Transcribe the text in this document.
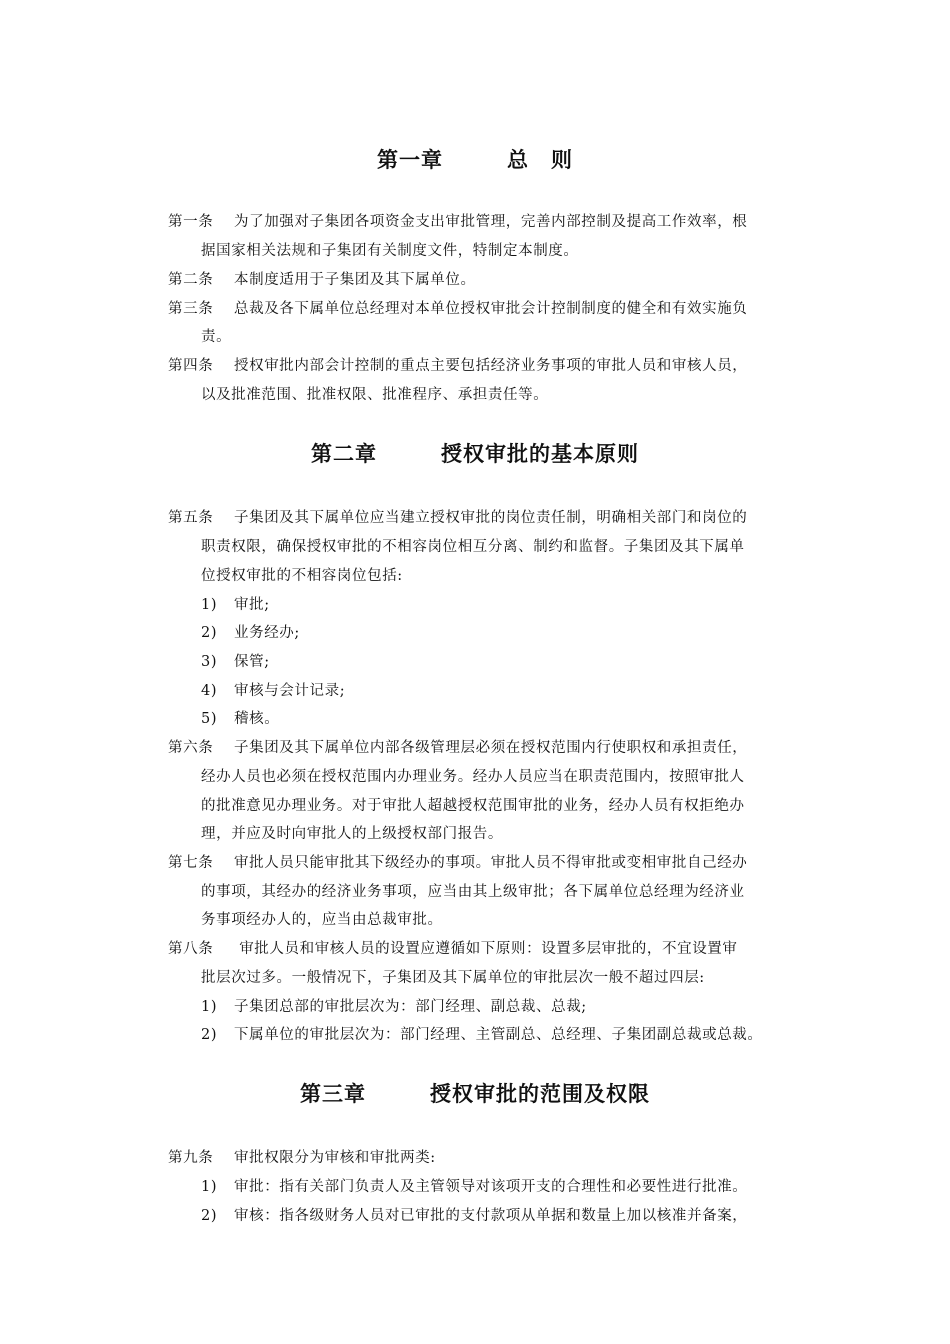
第一章	总　则
第一条 为了加强对子集团各项资金支出审批管理，完善内部控制及提高工作效率，根
据国家相关法规和子集团有关制度文件，特制定本制度。
第二条 本制度适用于子集团及其下属单位。
第三条 总裁及各下属单位总经理对本单位授权审批会计控制制度的健全和有效实施负
责。
第四条 授权审批内部会计控制的重点主要包括经济业务事项的审批人员和审核人员，
以及批准范围、批准权限、批准程序、承担责任等。
第二章	授权审批的基本原则
第五条 子集团及其下属单位应当建立授权审批的岗位责任制，明确相关部门和岗位的
职责权限，确保授权审批的不相容岗位相互分离、制约和监督。子集团及其下属单
位授权审批的不相容岗位包括:
1) 审批;
2) 业务经办;
3) 保管;
4) 审核与会计记录;
5) 稽核。
第六条 子集团及其下属单位内部各级管理层必须在授权范围内行使职权和承担责任，
经办人员也必须在授权范围内办理业务。经办人员应当在职责范围内，按照审批人
的批准意见办理业务。对于审批人超越授权范围审批的业务，经办人员有权拒绝办
理，并应及时向审批人的上级授权部门报告。
第七条 审批人员只能审批其下级经办的事项。审批人员不得审批或变相审批自己经办
的事项，其经办的经济业务事项，应当由其上级审批；各下属单位总经理为经济业
务事项经办人的，应当由总裁审批。
第八条 审批人员和审核人员的设置应遵循如下原则：设置多层审批的，不宜设置审
批层次过多。一般情况下，子集团及其下属单位的审批层次一般不超过四层:
1) 子集团总部的审批层次为：部门经理、副总裁、总裁;
2) 下属单位的审批层次为：部门经理、主管副总、总经理、子集团副总裁或总裁。
第三章	授权审批的范围及权限
第九条 审批权限分为审核和审批两类:
1) 审批：指有关部门负责人及主管领导对该项开支的合理性和必要性进行批准。
2) 审核：指各级财务人员对已审批的支付款项从单据和数量上加以核准并备案，
